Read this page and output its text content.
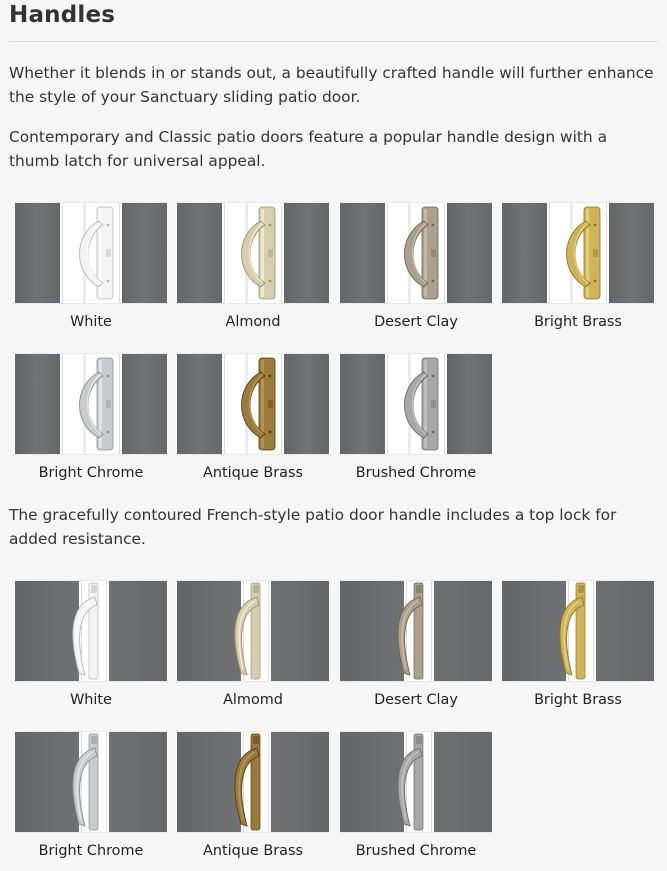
Handles

Whether it blends in or stands out, a beautifully crafted handle will further enhance the style of your Sanctuary sliding patio door.

Contemporary and Classic patio doors feature a popular handle design with a thumb latch for universal appeal.

White	Almond	Desert Clay	Bright Brass
Bright Chrome	Antique Brass	Brushed Chrome

The gracefully contoured French-style patio door handle includes a top lock for added resistance.

White	Almomd	Desert Clay	Bright Brass
Bright Chrome	Antique Brass	Brushed Chrome
